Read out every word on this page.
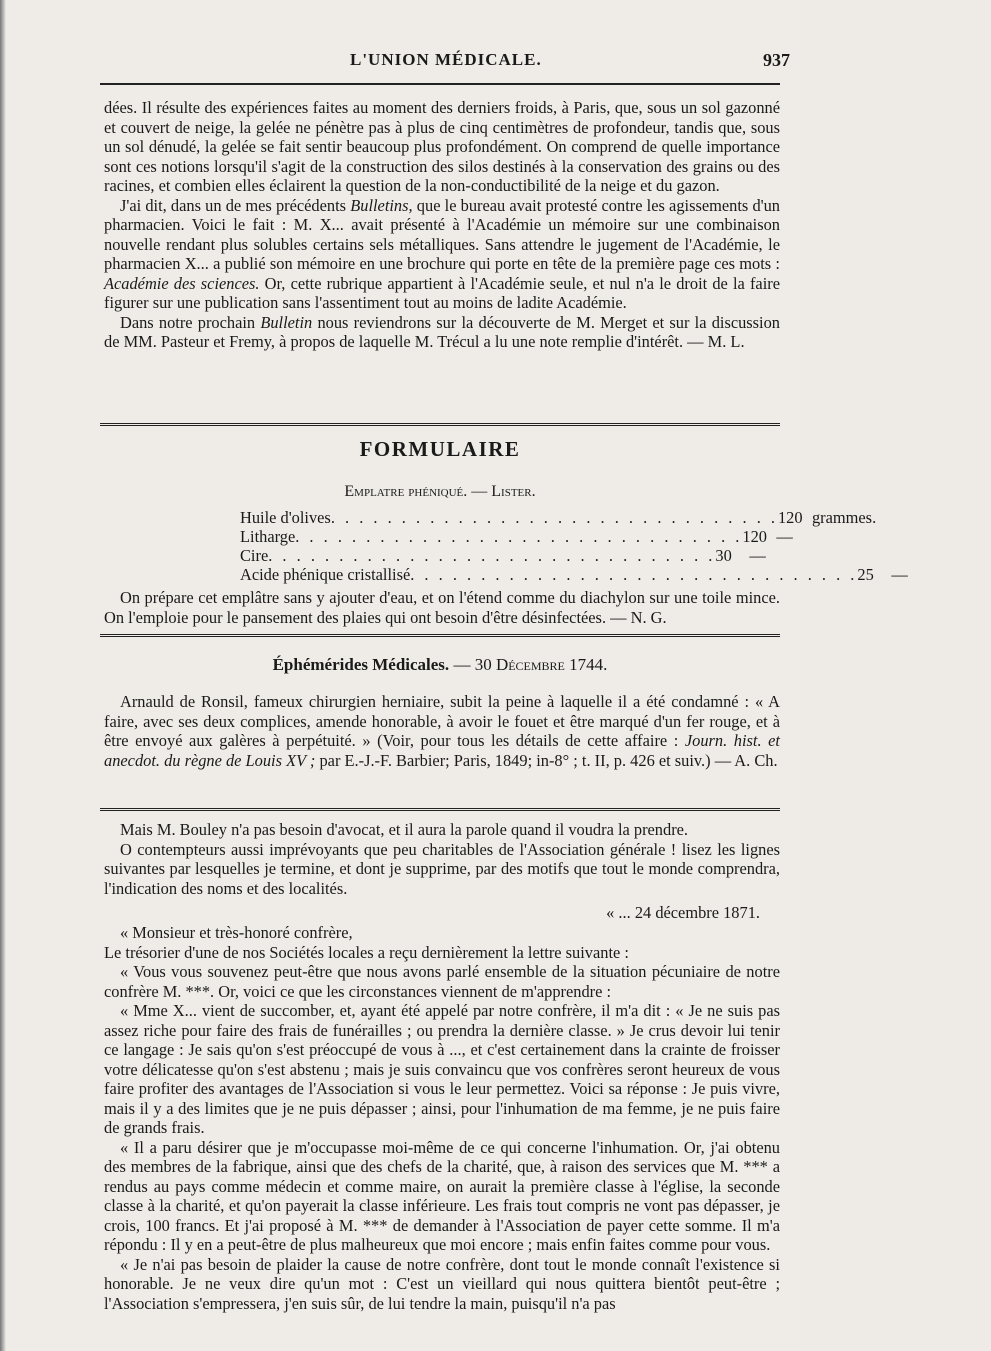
L'UNION MÉDICALE.	937

dées. Il résulte des expériences faites au moment des derniers froids, à Paris, que, sous un sol gazonné et couvert de neige, la gelée ne pénètre pas à plus de cinq centimètres de profondeur, tandis que, sous un sol dénudé, la gelée se fait sentir beaucoup plus profondément. On comprend de quelle importance sont ces notions lorsqu'il s'agit de la construction des silos destinés à la conservation des grains ou des racines, et combien elles éclairent la question de la non-conductibilité de la neige et du gazon.

J'ai dit, dans un de mes précédents Bulletins, que le bureau avait protesté contre les agissements d'un pharmacien. Voici le fait : M. X... avait présenté à l'Académie un mémoire sur une combinaison nouvelle rendant plus solubles certains sels métalliques. Sans attendre le jugement de l'Académie, le pharmacien X... a publié son mémoire en une brochure qui porte en tête de la première page ces mots : Académie des sciences. Or, cette rubrique appartient à l'Académie seule, et nul n'a le droit de la faire figurer sur une publication sans l'assentiment tout au moins de ladite Académie.

Dans notre prochain Bulletin nous reviendrons sur la découverte de M. Merget et sur la discussion de MM. Pasteur et Fremy, à propos de laquelle M. Trécul a lu une note remplie d'intérêt. — M. L.

FORMULAIRE
Emplatre phéniqué. — Lister.
Huile d'olives . . . . . . . . . . . . . . . . . . . . . . . . . . . . . . . . 120 grammes.
Litharge . . . . . . . . . . . . . . . . . . . . . . . . . . . . . . . . 120 —
Cire . . . . . . . . . . . . . . . . . . . . . . . . . . . . . . . . 30	—
Acide phénique cristallisé . . . . . . . . . . . . . . . . . . . . . . . . . . . . . . . . 25	—

On prépare cet emplâtre sans y ajouter d'eau, et on l'étend comme du diachylon sur une toile mince. On l'emploie pour le pansement des plaies qui ont besoin d'être désinfectées. — N. G.

Éphémérides Médicales. — 30 Décembre 1744.

Arnauld de Ronsil, fameux chirurgien herniaire, subit la peine à laquelle il a été condamné : « A faire, avec ses deux complices, amende honorable, à avoir le fouet et être marqué d'un fer rouge, et à être envoyé aux galères à perpétuité. » (Voir, pour tous les détails de cette affaire : Journ. hist. et anecdot. du règne de Louis XV ; par E.-J.-F. Barbier; Paris, 1849; in-8° ; t. II, p. 426 et suiv.) — A. Ch.

Mais M. Bouley n'a pas besoin d'avocat, et il aura la parole quand il voudra la prendre.

O contempteurs aussi imprévoyants que peu charitables de l'Association générale ! lisez les lignes suivantes par lesquelles je termine, et dont je supprime, par des motifs que tout le monde comprendra, l'indication des noms et des localités.

« ... 24 décembre 1871.

« Monsieur et très-honoré confrère,

Le trésorier d'une de nos Sociétés locales a reçu dernièrement la lettre suivante :

« Vous vous souvenez peut-être que nous avons parlé ensemble de la situation pécuniaire de notre confrère M. ***. Or, voici ce que les circonstances viennent de m'apprendre :

« Mme X... vient de succomber, et, ayant été appelé par notre confrère, il m'a dit : « Je ne suis pas assez riche pour faire des frais de funérailles ; ou prendra la dernière classe. » Je crus devoir lui tenir ce langage : Je sais qu'on s'est préoccupé de vous à ..., et c'est certainement dans la crainte de froisser votre délicatesse qu'on s'est abstenu ; mais je suis convaincu que vos confrères seront heureux de vous faire profiter des avantages de l'Association si vous le leur permettez. Voici sa réponse : Je puis vivre, mais il y a des limites que je ne puis dépasser ; ainsi, pour l'inhumation de ma femme, je ne puis faire de grands frais.

« Il a paru désirer que je m'occupasse moi-même de ce qui concerne l'inhumation. Or, j'ai obtenu des membres de la fabrique, ainsi que des chefs de la charité, que, à raison des services que M. *** a rendus au pays comme médecin et comme maire, on aurait la première classe à l'église, la seconde classe à la charité, et qu'on payerait la classe inférieure. Les frais tout compris ne vont pas dépasser, je crois, 100 francs. Et j'ai proposé à M. *** de demander à l'Association de payer cette somme. Il m'a répondu : Il y en a peut-être de plus malheureux que moi encore ; mais enfin faites comme pour vous.

« Je n'ai pas besoin de plaider la cause de notre confrère, dont tout le monde connaît l'existence si honorable. Je ne veux dire qu'un mot : C'est un vieillard qui nous quittera bientôt peut-être ; l'Association s'empressera, j'en suis sûr, de lui tendre la main, puisqu'il n'a pas
